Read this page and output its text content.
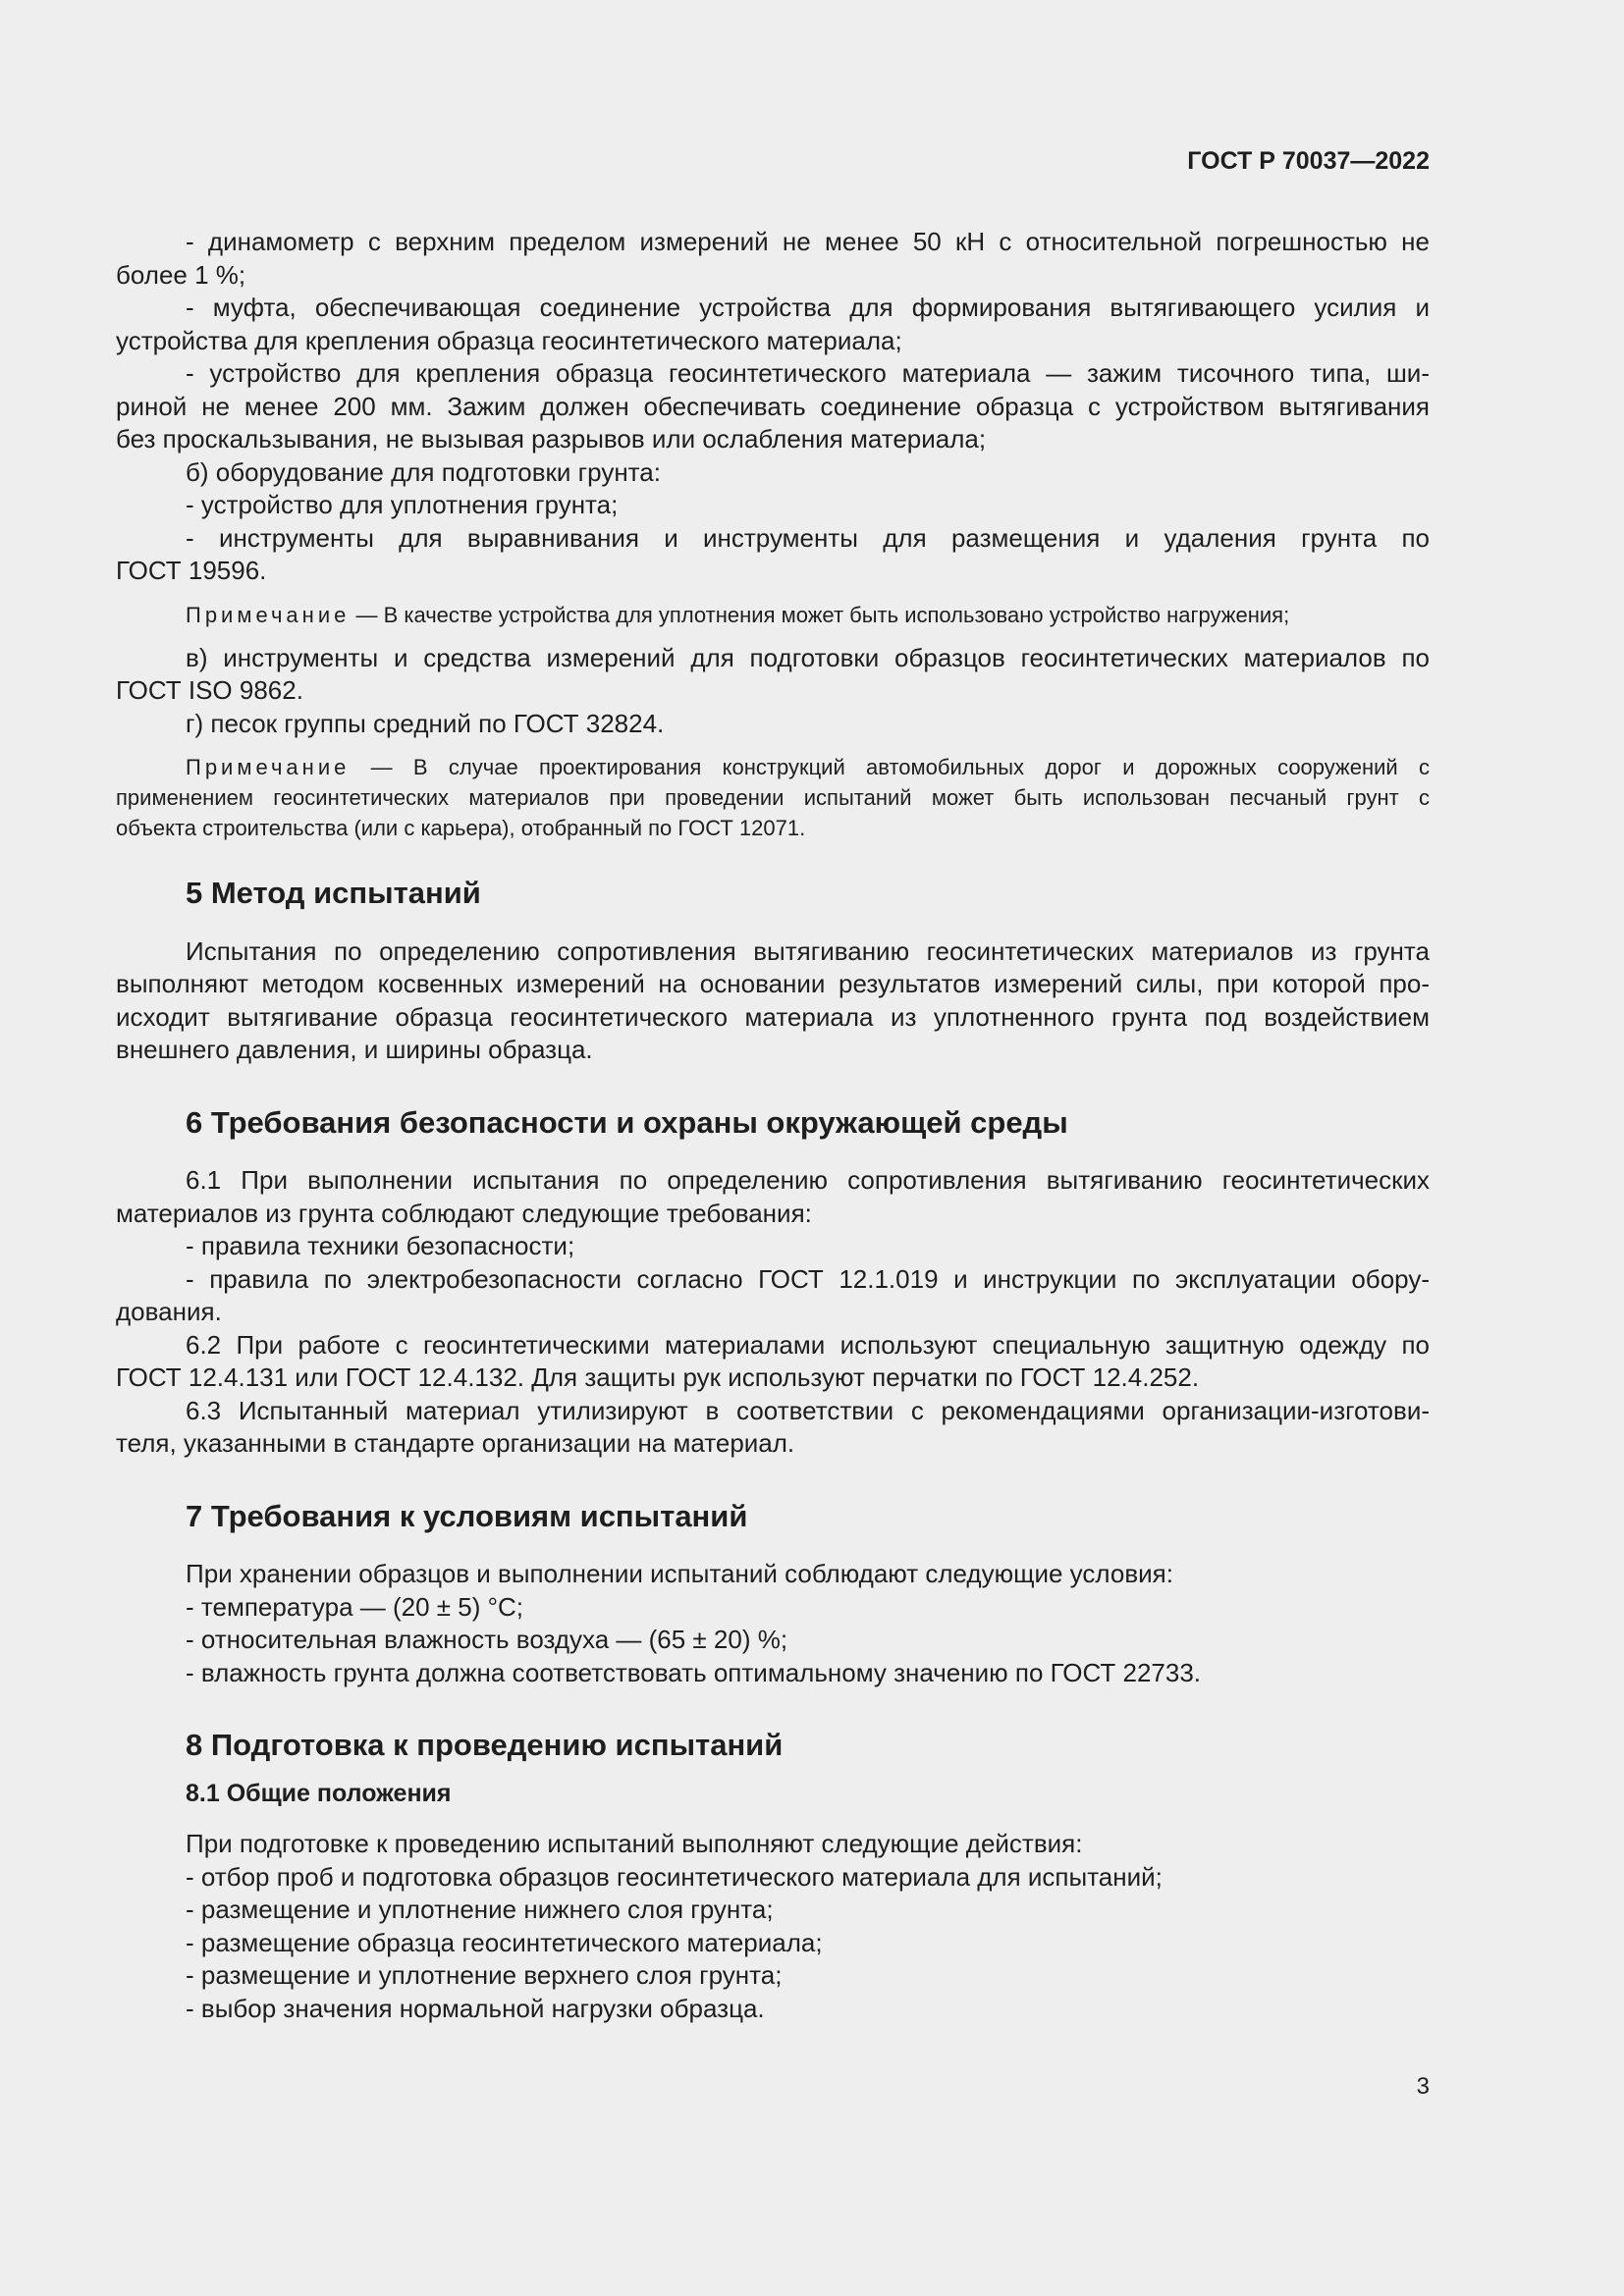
ГОСТ Р 70037—2022

- динамометр с верхним пределом измерений не менее 50 кН с относительной погрешностью не

более 1 %;

- муфта, обеспечивающая соединение устройства для формирования вытягивающего усилия и

устройства для крепления образца геосинтетического материала;

- устройство для крепления образца геосинтетического материала — зажим тисочного типа, ши-

риной не менее 200 мм. Зажим должен обеспечивать соединение образца с устройством вытягивания

без проскальзывания, не вызывая разрывов или ослабления материала;

б) оборудование для подготовки грунта:

- устройство для уплотнения грунта;

- инструменты для выравнивания и инструменты для размещения и удаления грунта по

ГОСТ 19596.

Примечание — В качестве устройства для уплотнения может быть использовано устройство нагружения;

в) инструменты и средства измерений для подготовки образцов геосинтетических материалов по

ГОСТ ISO 9862.

г) песок группы средний по ГОСТ 32824.

Примечание — В случае проектирования конструкций автомобильных дорог и дорожных сооружений с

применением геосинтетических материалов при проведении испытаний может быть использован песчаный грунт с

объекта строительства (или с карьера), отобранный по ГОСТ 12071.

5 Метод испытаний

Испытания по определению сопротивления вытягиванию геосинтетических материалов из грунта

выполняют методом косвенных измерений на основании результатов измерений силы, при которой про-

исходит вытягивание образца геосинтетического материала из уплотненного грунта под воздействием

внешнего давления, и ширины образца.

6 Требования безопасности и охраны окружающей среды

6.1 При выполнении испытания по определению сопротивления вытягиванию геосинтетических

материалов из грунта соблюдают следующие требования:

- правила техники безопасности;

- правила по электробезопасности согласно ГОСТ 12.1.019 и инструкции по эксплуатации обору-

дования.

6.2 При работе с геосинтетическими материалами используют специальную защитную одежду по

ГОСТ 12.4.131 или ГОСТ 12.4.132. Для защиты рук используют перчатки по ГОСТ 12.4.252.

6.3 Испытанный материал утилизируют в соответствии с рекомендациями организации-изготови-

теля, указанными в стандарте организации на материал.

7 Требования к условиям испытаний

При хранении образцов и выполнении испытаний соблюдают следующие условия:

- температура — (20 ± 5) °С;

- относительная влажность воздуха — (65 ± 20) %;

- влажность грунта должна соответствовать оптимальному значению по ГОСТ 22733.

8 Подготовка к проведению испытаний
8.1 Общие положения

При подготовке к проведению испытаний выполняют следующие действия:

- отбор проб и подготовка образцов геосинтетического материала для испытаний;

- размещение и уплотнение нижнего слоя грунта;

- размещение образца геосинтетического материала;

- размещение и уплотнение верхнего слоя грунта;

- выбор значения нормальной нагрузки образца.

3
